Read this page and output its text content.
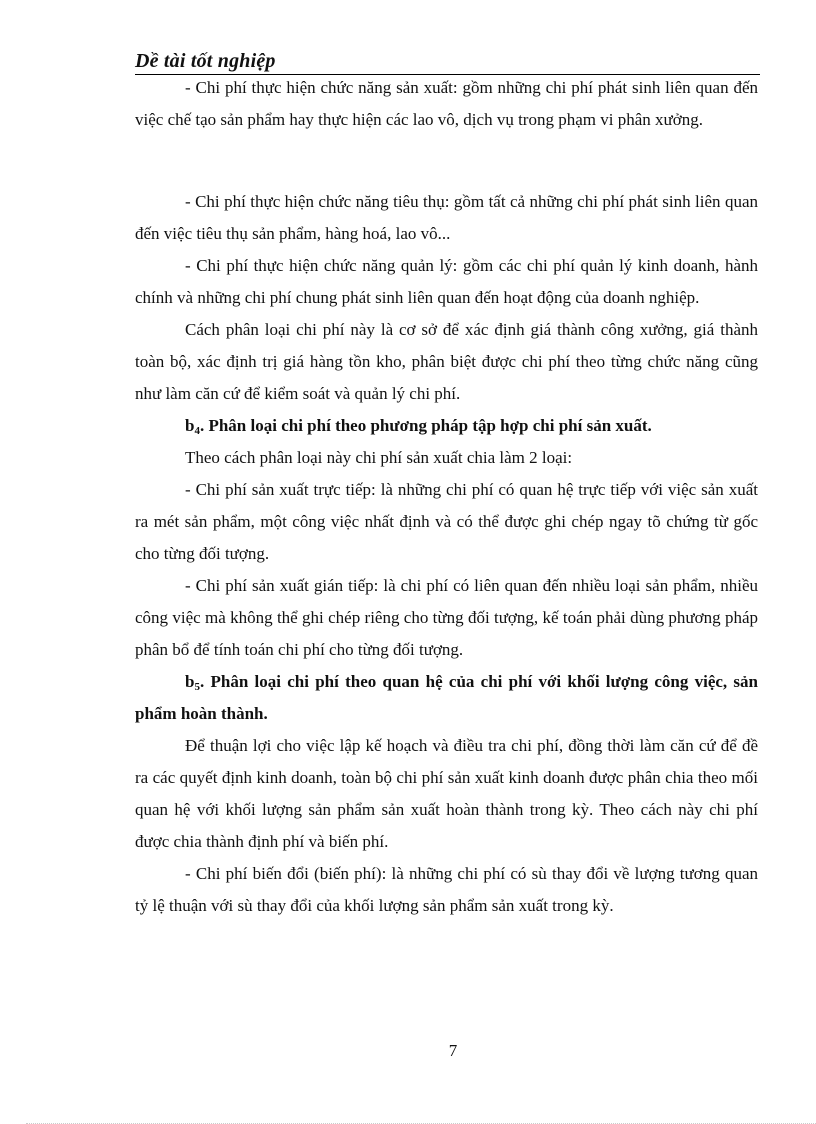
Dề tài tốt nghiệp

- Chi phí thực hiện chức năng sản xuất: gồm những chi phí phát sinh liên quan đến việc chế tạo sản phẩm hay thực hiện các lao vô, dịch vụ trong phạm vi phân xưởng.

- Chi phí thực hiện chức năng tiêu thụ: gồm tất cả những chi phí phát sinh liên quan đến việc tiêu thụ sản phẩm, hàng hoá, lao vô...

- Chi phí thực hiện chức năng quản lý: gồm các chi phí quản lý kinh doanh, hành chính và những chi phí chung phát sinh liên quan đến hoạt động của doanh nghiệp.

Cách phân loại chi phí này là cơ sở để xác định giá thành công xưởng, giá thành toàn bộ, xác định trị giá hàng tồn kho, phân biệt được chi phí theo từng chức năng cũng như làm căn cứ để kiểm soát và quản lý chi phí.

$b_4$. Phân loại chi phí theo phương pháp tập hợp chi phí sản xuất.

Theo cách phân loại này chi phí sản xuất chia làm 2 loại:

- Chi phí sản xuất trực tiếp: là những chi phí có quan hệ trực tiếp với việc sản xuất ra mét sản phẩm, một công việc nhất định và có thể được ghi chép ngay tõ chứng từ gốc cho từng đối tượng.

- Chi phí sản xuất gián tiếp: là chi phí có liên quan đến nhiều loại sản phẩm, nhiều công việc mà không thể ghi chép riêng cho từng đối tượng, kế toán phải dùng phương pháp phân bổ để tính toán chi phí cho từng đối tượng.

$b_5$. Phân loại chi phí theo quan hệ của chi phí với khối lượng công việc, sản phẩm hoàn thành.

Để thuận lợi cho việc lập kế hoạch và điều tra chi phí, đồng thời làm căn cứ để đề ra các quyết định kinh doanh, toàn bộ chi phí sản xuất kinh doanh được phân chia theo mối quan hệ với khối lượng sản phẩm sản xuất hoàn thành trong kỳ. Theo cách này chi phí được chia thành định phí và biến phí.

- Chi phí biến đổi (biến phí): là những chi phí có sù thay đổi về lượng tương quan tỷ lệ thuận với sù thay đổi của khối lượng sản phẩm sản xuất trong kỳ.

7
